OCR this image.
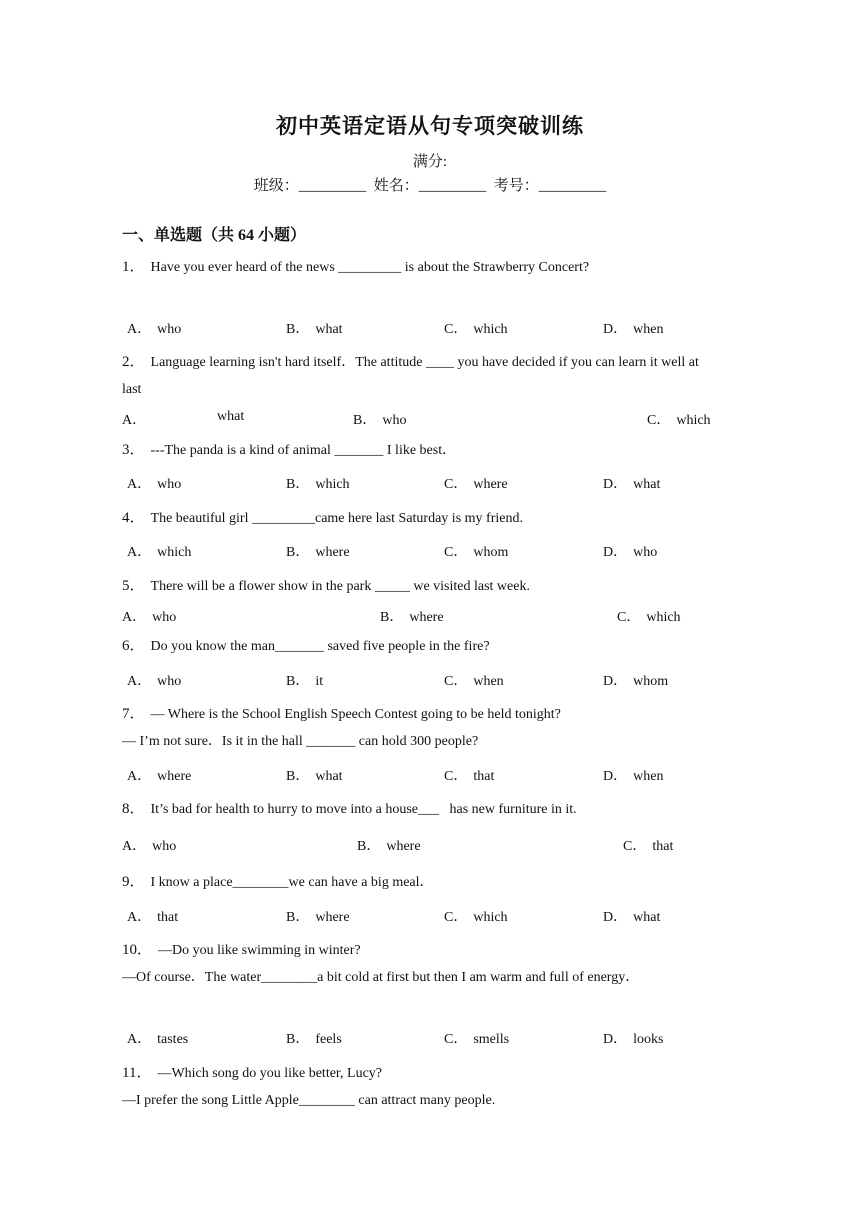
初中英语定语从句专项突破训练
满分:
班级：_________ 姓名：_________ 考号：_________
一、单选题（共 64 小题）
1． Have you ever heard of the news _________ is about the Strawberry Concert?
A． who	B． what	C． which	D． when
2． Language learning isn't hard itself．The attitude ____ you have decided if you can learn it well at
last
A．	what	B． who	C． which
3． ---The panda is a kind of animal _______ I like best．
A． who	B． which	C． where	D． what
4． The beautiful girl _________came here last Saturday is my friend.
A． which	B． where	C． whom	D． who
5． There will be a flower show in the park _____ we visited last week.
A． who	B． where	C． which
6． Do you know the man_______ saved five people in the fire?
A． who	B． it	C． when	D． whom
7． — Where is the School English Speech Contest going to be held tonight?
— I’m not sure．Is it in the hall _______ can hold 300 people?
A． where	B． what	C． that	D． when
8． It’s bad for health to hurry to move into a house___   has new furniture in it.
A． who	B． where	C． that
9． I know a place________we can have a big meal．
A． that	B． where	C． which	D． what
10． —Do you like swimming in winter?
—Of course．The water________a bit cold at first but then I am warm and full of energy．
A． tastes	B． feels	C． smells	D． looks
11． —Which song do you like better, Lucy?
—I prefer the song Little Apple________ can attract many people.
